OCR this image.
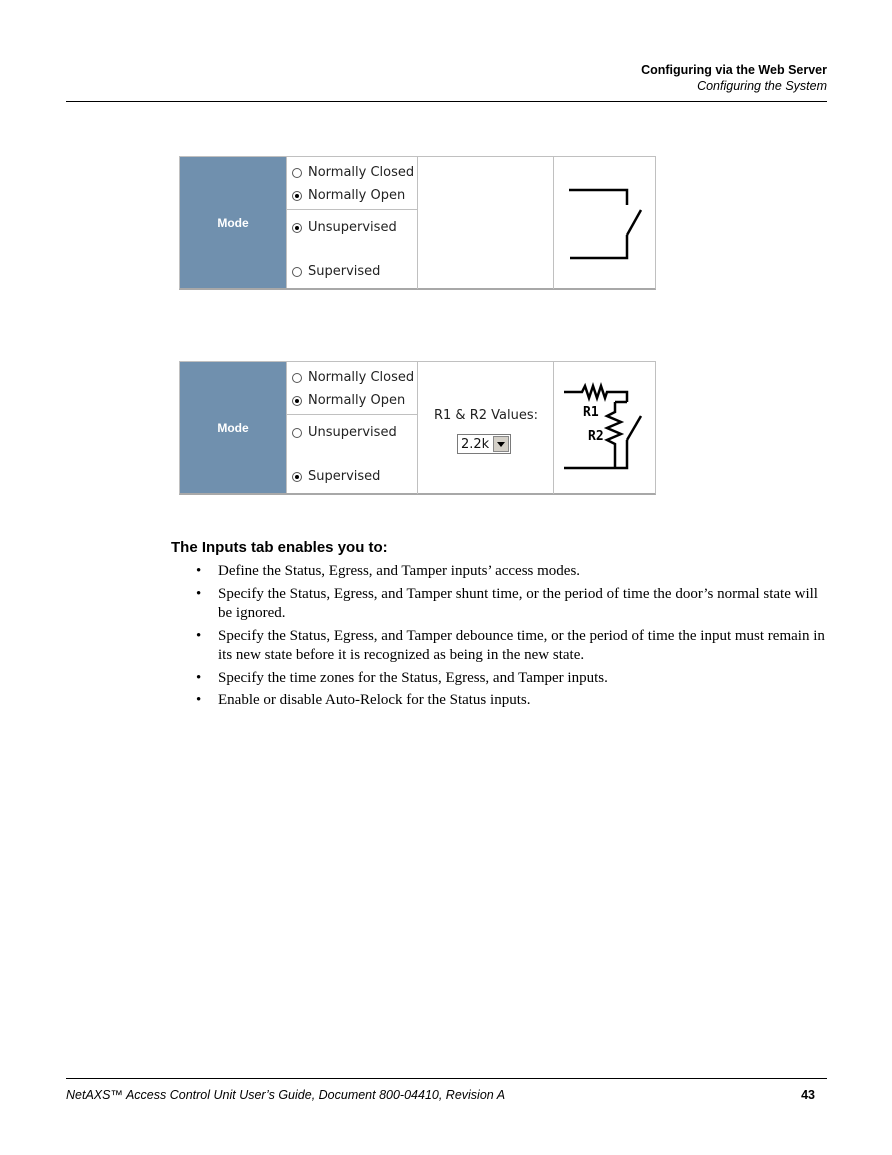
Configuring via the Web Server
Configuring the System
Mode
Normally Closed
Normally Open
Unsupervised
Supervised
Mode
Normally Closed
Normally Open
Unsupervised
Supervised
R1 & R2 Values:
2.2k
R1
R2
The Inputs tab enables you to:
• Define the Status, Egress, and Tamper inputs’ access modes.
• Specify the Status, Egress, and Tamper shunt time, or the period of time the door’s normal state will be ignored.
• Specify the Status, Egress, and Tamper debounce time, or the period of time the input must remain in its new state before it is recognized as being in the new state.
• Specify the time zones for the Status, Egress, and Tamper inputs.
• Enable or disable Auto-Relock for the Status inputs.
NetAXS™ Access Control Unit User’s Guide, Document 800-04410, Revision A	43
